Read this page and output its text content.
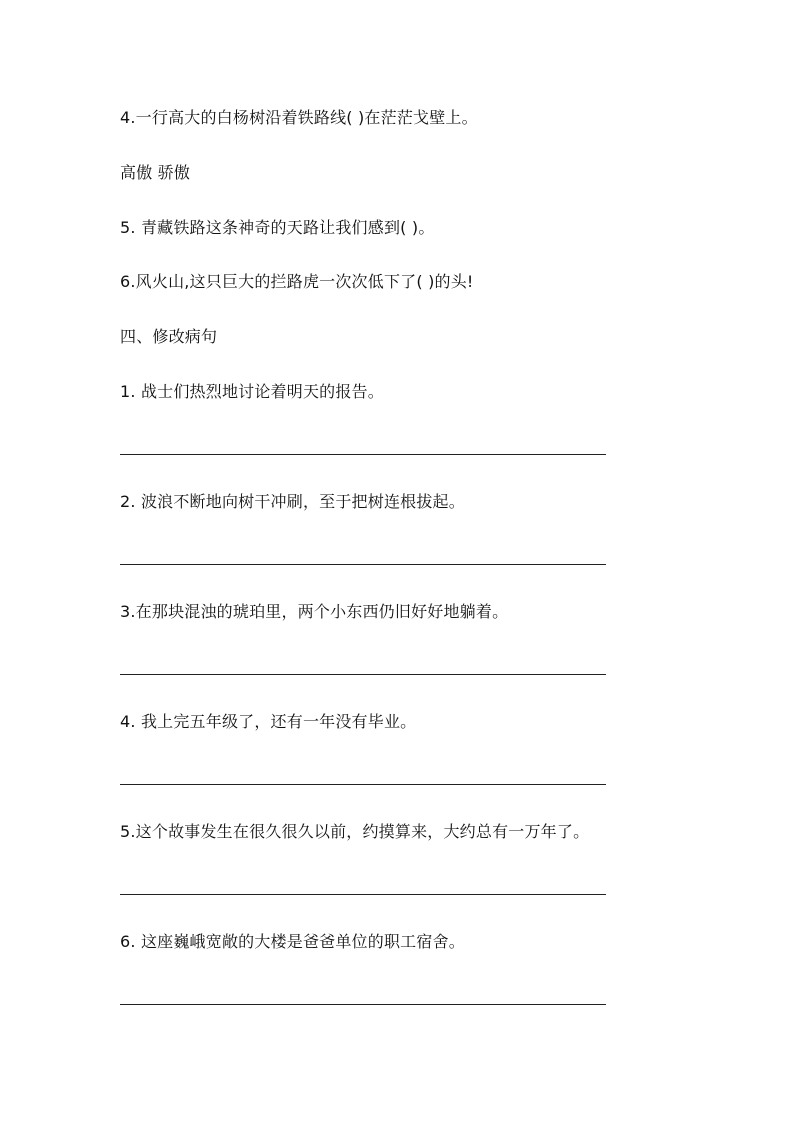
4.一行高大的白杨树沿着铁路线( )在茫茫戈壁上。
高傲 骄傲
5. 青藏铁路这条神奇的天路让我们感到( )。
6.风火山,这只巨大的拦路虎一次次低下了( )的头!
四、修改病句
1. 战士们热烈地讨论着明天的报告。
2. 波浪不断地向树干冲刷，至于把树连根拔起。
3.在那块混浊的琥珀里，两个小东西仍旧好好地躺着。
4. 我上完五年级了，还有一年没有毕业。
5.这个故事发生在很久很久以前，约摸算来，大约总有一万年了。
6. 这座巍峨宽敞的大楼是爸爸单位的职工宿舍。
